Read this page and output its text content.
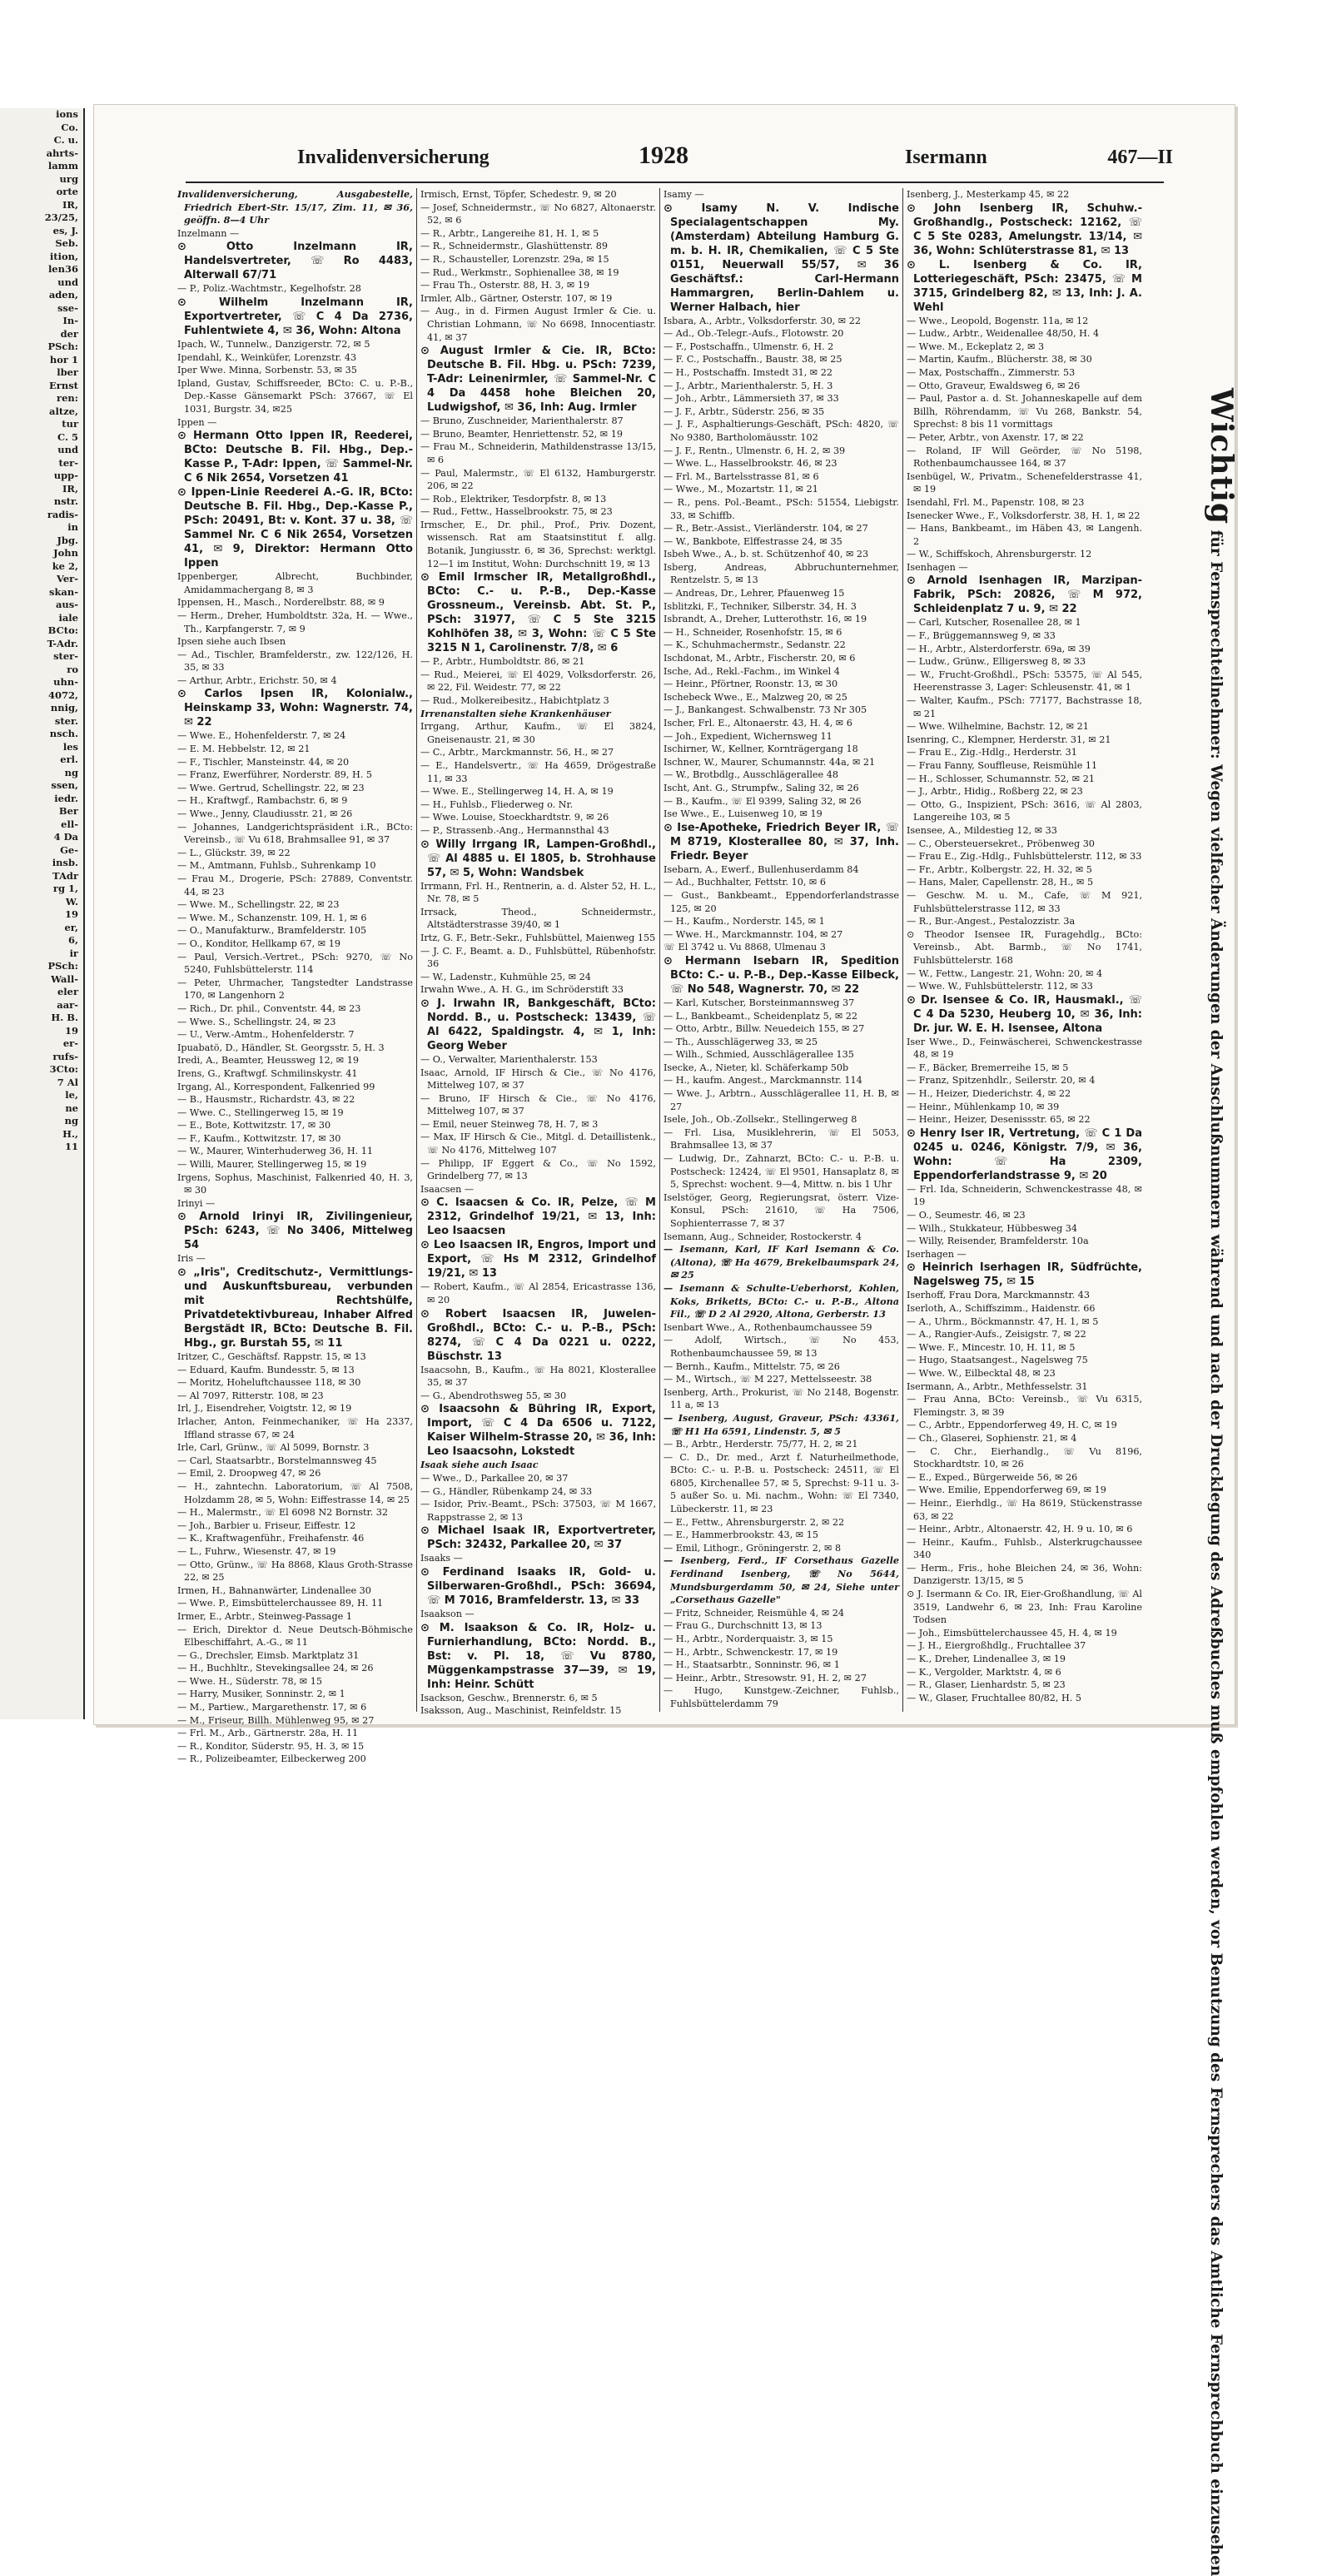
ions
Co.
C. u.
ahrts-
lamm
urg
orte
IR,
23/25,
es, J.
Seb.
ition,
len36
und
aden,
sse-
In-
der
PSch:
hor 1
lber
Ernst
ren:
altze,
tur
C. 5
und
ter-
upp-
IR,
nstr.
radis-
in
Jbg.
John
ke 2,
Ver-
skan-
aus-
iale
BCto:
T-Adr.
ster-
ro
uhn-
4072,
nnig,
ster.
nsch.
les
erl.
ng
ssen,
iedr.
Ber
ell-
4 Da
Ge-
insb.
TAdr
rg 1,
W.
19
er,
6,
ir
PSch:
Wall-
eler
aar-
H. B.
19
er-
rufs-
3Cto:
7 Al
le,
ne
ng
H.,
11
Invalidenversicherung	1928	Isermann	467—II

Invalidenversicherung, Ausgabestelle, Friedrich Ebert-Str. 15/17, Zim. 11, ✉ 36, geöffn. 8—4 Uhr

Inzelmann —

⊙ Otto Inzelmann IR, Handelsvertreter, ☏ Ro 4483, Alterwall 67/71

— P., Poliz.-Wachtmstr., Kegelhofstr. 28

⊙ Wilhelm Inzelmann IR, Exportvertreter, ☏ C 4 Da 2736, Fuhlentwiete 4, ✉ 36, Wohn: Altona

Ipach, W., Tunnelw., Danzigerstr. 72, ✉ 5

Ipendahl, K., Weinküfer, Lorenzstr. 43

Iper Wwe. Minna, Sorbenstr. 53, ✉ 35

Ipland, Gustav, Schiffsreeder, BCto: C. u. P.-B., Dep.-Kasse Gänsemarkt PSch: 37667, ☏ El 1031, Burgstr. 34, ✉25

Ippen —

⊙ Hermann Otto Ippen IR, Reederei, BCto: Deutsche B. Fil. Hbg., Dep.-Kasse P., T-Adr: Ippen, ☏ Sammel-Nr. C 6 Nik 2654, Vorsetzen 41

⊙ Ippen-Linie Reederei A.-G. IR, BCto: Deutsche B. Fil. Hbg., Dep.-Kasse P., PSch: 20491, Bt: v. Kont. 37 u. 38, ☏ Sammel Nr. C 6 Nik 2654, Vorsetzen 41, ✉ 9, Direktor: Hermann Otto Ippen

Ippenberger, Albrecht, Buchbinder, Amidammachergang 8, ✉ 3

Ippensen, H., Masch., Norderelbstr. 88, ✉ 9

— Herm., Dreher, Humboldtstr. 32a, H. — Wwe., Th., Karpfangerstr. 7, ✉ 9

Ipsen siehe auch Ibsen

— Ad., Tischler, Bramfelderstr., zw. 122/126, H. 35, ✉ 33

— Arthur, Arbtr., Erichstr. 50, ✉ 4

⊙ Carlos Ipsen IR, Kolonialw., Heinskamp 33, Wohn: Wagnerstr. 74, ✉ 22

— Wwe. E., Hohenfelderstr. 7, ✉ 24

— E. M. Hebbelstr. 12, ✉ 21

— F., Tischler, Mansteinstr. 44, ✉ 20

— Franz, Ewerführer, Norderstr. 89, H. 5

— Wwe. Gertrud, Schellingstr. 22, ✉ 23

— H., Kraftwgf., Rambachstr. 6, ✉ 9

— Wwe., Jenny, Claudiusstr. 21, ✉ 26

— Johannes, Landgerichtspräsident i.R., BCto: Vereinsb., ☏ Vu 618, Brahmsallee 91, ✉ 37

— L., Glückstr. 39, ✉ 22

— M., Amtmann, Fuhlsb., Suhrenkamp 10

— Frau M., Drogerie, PSch: 27889, Conventstr. 44, ✉ 23

— Wwe. M., Schellingstr. 22, ✉ 23

— Wwe. M., Schanzenstr. 109, H. 1, ✉ 6

— O., Manufakturw., Bramfelderstr. 105

— O., Konditor, Hellkamp 67, ✉ 19

— Paul, Versich.-Vertret., PSch: 9270, ☏ No 5240, Fuhlsbüttelerstr. 114

— Peter, Uhrmacher, Tangstedter Landstrasse 170, ✉ Langenhorn 2

— Rich., Dr. phil., Conventstr. 44, ✉ 23

— Wwe. S., Schellingstr. 24, ✉ 23

— U., Verw.-Amtm., Hohenfelderstr. 7

Ipuabatö, D., Händler, St. Georgsstr. 5, H. 3

Iredi, A., Beamter, Heussweg 12, ✉ 19

Irens, G., Kraftwgf. Schmilinskystr. 41

Irgang, Al., Korrespondent, Falkenried 99

— B., Hausmstr., Richardstr. 43, ✉ 22

— Wwe. C., Stellingerweg 15, ✉ 19

— E., Bote, Kottwitzstr. 17, ✉ 30

— F., Kaufm., Kottwitzstr. 17, ✉ 30

— W., Maurer, Winterhuderweg 36, H. 11

— Willi, Maurer, Stellingerweg 15, ✉ 19

Irgens, Sophus, Maschinist, Falkenried 40, H. 3, ✉ 30

Irinyi —

⊙ Arnold Irinyi IR, Zivilingenieur, PSch: 6243, ☏ No 3406, Mittelweg 54

Iris —

⊙ „Iris", Creditschutz-, Vermittlungs- und Auskunftsbureau, verbunden mit Rechtshülfe, Privatdetektivbureau, Inhaber Alfred Bergstädt IR, BCto: Deutsche B. Fil. Hbg., gr. Burstah 55, ✉ 11

Iritzer, C., Geschäftsf. Rappstr. 15, ✉ 13

— Eduard, Kaufm. Bundesstr. 5, ✉ 13

— Moritz, Hoheluftchaussee 118, ✉ 30

— Al 7097, Ritterstr. 108, ✉ 23

Irl, J., Eisendreher, Voigtstr. 12, ✉ 19

Irlacher, Anton, Feinmechaniker, ☏ Ha 2337, Iffland strasse 67, ✉ 24

Irle, Carl, Grünw., ☏ Al 5099, Bornstr. 3

— Carl, Staatsarbtr., Borstelmannsweg 45

— Emil, 2. Droopweg 47, ✉ 26

— H., zahntechn. Laboratorium, ☏ Al 7508, Holzdamm 28, ✉ 5, Wohn: Eiffestrasse 14, ✉ 25

— H., Malermstr., ☏ El 6098 N2 Bornstr. 32

— Joh., Barbier u. Friseur, Eiffestr. 12

— K., Kraftwagenführ., Freihafenstr. 46

— L., Fuhrw., Wiesenstr. 47, ✉ 19

— Otto, Grünw., ☏ Ha 8868, Klaus Groth-Strasse 22, ✉ 25

Irmen, H., Bahnanwärter, Lindenallee 30

— Wwe. P., Eimsbüttelerchaussee 89, H. 11

Irmer, E., Arbtr., Steinweg-Passage 1

— Erich, Direktor d. Neue Deutsch-Böhmische Elbeschiffahrt, A.-G., ✉ 11

— G., Drechsler, Eimsb. Marktplatz 31

— H., Buchhltr., Stevekingsallee 24, ✉ 26

— Wwe. H., Süderstr. 78, ✉ 15

— Harry, Musiker, Sonninstr. 2, ✉ 1

— M., Partiew., Margarethenstr. 17, ✉ 6

— M., Friseur, Billh. Mühlenweg 95, ✉ 27

— Frl. M., Arb., Gärtnerstr. 28a, H. 11

— R., Konditor, Süderstr. 95, H. 3, ✉ 15

— R., Polizeibeamter, Eilbeckerweg 200

Irmisch, Ernst, Töpfer, Schedestr. 9, ✉ 20

— Josef, Schneidermstr., ☏ No 6827, Altonaerstr. 52, ✉ 6

— R., Arbtr., Langereihe 81, H. 1, ✉ 5

— R., Schneidermstr., Glashüttenstr. 89

— R., Schausteller, Lorenzstr. 29a, ✉ 15

— Rud., Werkmstr., Sophienallee 38, ✉ 19

— Frau Th., Osterstr. 88, H. 3, ✉ 19

Irmler, Alb., Gärtner, Osterstr. 107, ✉ 19

— Aug., in d. Firmen August Irmler & Cie. u. Christian Lohmann, ☏ No 6698, Innocentiastr. 41, ✉ 37

⊙ August Irmler & Cie. IR, BCto: Deutsche B. Fil. Hbg. u. PSch: 7239, T-Adr: Leinenirmler, ☏ Sammel-Nr. C 4 Da 4458 hohe Bleichen 20, Ludwigshof, ✉ 36, Inh: Aug. Irmler

— Bruno, Zuschneider, Marienthalerstr. 87

— Bruno, Beamter, Henriettenstr. 52, ✉ 19

— Frau M., Schneiderin, Mathildenstrasse 13/15, ✉ 6

— Paul, Malermstr., ☏ El 6132, Hamburgerstr. 206, ✉ 22

— Rob., Elektriker, Tesdorpfstr. 8, ✉ 13

— Rud., Fettw., Hasselbrookstr. 75, ✉ 23

Irmscher, E., Dr. phil., Prof., Priv. Dozent, wissensch. Rat am Staatsinstitut f. allg. Botanik, Jungiusstr. 6, ✉ 36, Sprechst: werktgl. 12—1 im Institut, Wohn: Durchschnitt 19, ✉ 13

⊙ Emil Irmscher IR, Metallgroßhdl., BCto: C.- u. P.-B., Dep.-Kasse Grossneum., Vereinsb. Abt. St. P., PSch: 31977, ☏ C 5 Ste 3215 Kohlhöfen 38, ✉ 3, Wohn: ☏ C 5 Ste 3215 N 1, Carolinenstr. 7/8, ✉ 6

— P., Arbtr., Humboldtstr. 86, ✉ 21

— Rud., Meierei, ☏ El 4029, Volksdorferstr. 26, ✉ 22, Fil. Weidestr. 77, ✉ 22

— Rud., Molkereibesitz., Habichtplatz 3

Irrenanstalten siehe Krankenhäuser

Irrgang, Arthur, Kaufm., ☏ El 3824, Gneisenaustr. 21, ✉ 30

— C., Arbtr., Marckmannstr. 56, H., ✉ 27

— E., Handelsvertr., ☏ Ha 4659, Drögestraße 11, ✉ 33

— Wwe. E., Stellingerweg 14, H. A, ✉ 19

— H., Fuhlsb., Fliederweg o. Nr.

— Wwe. Louise, Stoeckhardtstr. 9, ✉ 26

— P., Strassenb.-Ang., Hermannsthal 43

⊙ Willy Irrgang IR, Lampen-Großhdl., ☏ Al 4885 u. El 1805, b. Strohhause 57, ✉ 5, Wohn: Wandsbek

Irrmann, Frl. H., Rentnerin, a. d. Alster 52, H. L., Nr. 78, ✉ 5

Irrsack, Theod., Schneidermstr., Altstädterstrasse 39/40, ✉ 1

Irtz, G. F., Betr.-Sekr., Fuhlsbüttel, Maienweg 155

— J. C. F., Beamt. a. D., Fuhlsbüttel, Rübenhofstr. 36

— W., Ladenstr., Kuhmühle 25, ✉ 24

Irwahn Wwe., A. H. G., im Schröderstift 33

⊙ J. Irwahn IR, Bankgeschäft, BCto: Nordd. B., u. Postscheck: 13439, ☏ Al 6422, Spaldingstr. 4, ✉ 1, Inh: Georg Weber

— O., Verwalter, Marienthalerstr. 153

Isaac, Arnold, IF Hirsch & Cie., ☏ No 4176, Mittelweg 107, ✉ 37

— Bruno, IF Hirsch & Cie., ☏ No 4176, Mittelweg 107, ✉ 37

— Emil, neuer Steinweg 78, H. 7, ✉ 3

— Max, IF Hirsch & Cie., Mitgl. d. Detaillistenk., ☏ No 4176, Mittelweg 107

— Philipp, IF Eggert & Co., ☏ No 1592, Grindelberg 77, ✉ 13

Isaacsen —

⊙ C. Isaacsen & Co. IR, Pelze, ☏ M 2312, Grindelhof 19/21, ✉ 13, Inh: Leo Isaacsen

⊙ Leo Isaacsen IR, Engros, Import und Export, ☏ Hs M 2312, Grindelhof 19/21, ✉ 13

— Robert, Kaufm., ☏ Al 2854, Ericastrasse 136, ✉ 20

⊙ Robert Isaacsen IR, Juwelen-Großhdl., BCto: C.- u. P.-B., PSch: 8274, ☏ C 4 Da 0221 u. 0222, Büschstr. 13

Isaacsohn, B., Kaufm., ☏ Ha 8021, Klosterallee 35, ✉ 37

— G., Abendrothsweg 55, ✉ 30

⊙ Isaacsohn & Bühring IR, Export, Import, ☏ C 4 Da 6506 u. 7122, Kaiser Wilhelm-Strasse 20, ✉ 36, Inh: Leo Isaacsohn, Lokstedt

Isaak siehe auch Isaac

— Wwe., D., Parkallee 20, ✉ 37

— G., Händler, Rübenkamp 24, ✉ 33

— Isidor, Priv.-Beamt., PSch: 37503, ☏ M 1667, Rappstrasse 2, ✉ 13

⊙ Michael Isaak IR, Exportvertreter, PSch: 32432, Parkallee 20, ✉ 37

Isaaks —

⊙ Ferdinand Isaaks IR, Gold- u. Silberwaren-Großhdl., PSch: 36694, ☏ M 7016, Bramfelderstr. 13, ✉ 33

Isaakson —

⊙ M. Isaakson & Co. IR, Holz- u. Furnierhandlung, BCto: Nordd. B., Bst: v. Pl. 18, ☏ Vu 8780, Müggenkampstrasse 37—39, ✉ 19, Inh: Heinr. Schütt

Isackson, Geschw., Brennerstr. 6, ✉ 5

Isaksson, Aug., Maschinist, Reinfeldstr. 15

Isamy —

⊙ Isamy N. V. Indische Specialagentschappen My. (Amsterdam) Abteilung Hamburg G. m. b. H. IR, Chemikalien, ☏ C 5 Ste 0151, Neuerwall 55/57, ✉ 36 Geschäftsf.: Carl-Hermann Hammargren, Berlin-Dahlem u. Werner Halbach, hier

Isbara, A., Arbtr., Volksdorferstr. 30, ✉ 22

— Ad., Ob.-Telegr.-Aufs., Flotowstr. 20

— F., Postschaffn., Ulmenstr. 6, H. 2

— F. C., Postschaffn., Baustr. 38, ✉ 25

— H., Postschaffn. Imstedt 31, ✉ 22

— J., Arbtr., Marienthalerstr. 5, H. 3

— Joh., Arbtr., Lämmersieth 37, ✉ 33

— J. F., Arbtr., Süderstr. 256, ✉ 35

— J. F., Asphaltierungs-Geschäft, PSch: 4820, ☏ No 9380, Bartholomäusstr. 102

— J. F., Rentn., Ulmenstr. 6, H. 2, ✉ 39

— Wwe. L., Hasselbrookstr. 46, ✉ 23

— Frl. M., Bartelsstrasse 81, ✉ 6

— Wwe., M., Mozartstr. 11, ✉ 21

— R., pens. Pol.-Beamt., PSch: 51554, Liebigstr. 33, ✉ Schiffb.

— R., Betr.-Assist., Vierländerstr. 104, ✉ 27

— W., Bankbote, Elffestrasse 24, ✉ 35

Isbeh Wwe., A., b. st. Schützenhof 40, ✉ 23

Isberg, Andreas, Abbruchunternehmer, Rentzelstr. 5, ✉ 13

— Andreas, Dr., Lehrer, Pfauenweg 15

Isblitzki, F., Techniker, Silberstr. 34, H. 3

Isbrandt, A., Dreher, Lutterothstr. 16, ✉ 19

— H., Schneider, Rosenhofstr. 15, ✉ 6

— K., Schuhmachermstr., Sedanstr. 22

Ischdonat, M., Arbtr., Fischerstr. 20, ✉ 6

Ische, Ad., Rekl.-Fachm., im Winkel 4

— Heinr., Pförtner, Roonstr. 13, ✉ 30

Ischebeck Wwe., E., Malzweg 20, ✉ 25

— J., Bankangest. Schwalbenstr. 73 Nr 305

Ischer, Frl. E., Altonaerstr. 43, H. 4, ✉ 6

— Joh., Expedient, Wichernsweg 11

Ischirner, W., Kellner, Kornträgergang 18

Ischner, W., Maurer, Schumannstr. 44a, ✉ 21

— W., Brotbdlg., Ausschlägerallee 48

Ischt, Ant. G., Strumpfw., Saling 32, ✉ 26

— B., Kaufm., ☏ El 9399, Saling 32, ✉ 26

Ise Wwe., E., Luisenweg 10, ✉ 19

⊙ Ise-Apotheke, Friedrich Beyer IR, ☏ M 8719, Klosterallee 80, ✉ 37, Inh. Friedr. Beyer

Isebarn, A., Ewerf., Bullenhuserdamm 84

— Ad., Buchhalter, Fettstr. 10, ✉ 6

— Gust., Bankbeamt., Eppendorferlandstrasse 125, ✉ 20

— H., Kaufm., Norderstr. 145, ✉ 1

— Wwe. H., Marckmannstr. 104, ✉ 27

☏ El 3742 u. Vu 8868, Ulmenau 3

⊙ Hermann Isebarn IR, Spedition BCto: C.- u. P.-B., Dep.-Kasse Eilbeck, ☏ No 548, Wagnerstr. 70, ✉ 22

— Karl, Kutscher, Borsteinmannsweg 37

— L., Bankbeamt., Scheidenplatz 5, ✉ 22

— Otto, Arbtr., Billw. Neuedeich 155, ✉ 27

— Th., Ausschlägerweg 33, ✉ 25

— Wilh., Schmied, Ausschlägerallee 135

Isecke, A., Nieter, kl. Schäferkamp 50b

— H., kaufm. Angest., Marckmannstr. 114

— Wwe. J., Arbtrn., Ausschlägerallee 11, H. B, ✉ 27

Isele, Joh., Ob.-Zollsekr., Stellingerweg 8

— Frl. Lisa, Musiklehrerin, ☏ El 5053, Brahmsallee 13, ✉ 37

— Ludwig, Dr., Zahnarzt, BCto: C.- u. P.-B. u. Postscheck: 12424, ☏ El 9501, Hansaplatz 8, ✉ 5, Sprechst: wochent. 9—4, Mittw. n. bis 1 Uhr

Iselstöger, Georg, Regierungsrat, österr. Vize-Konsul, PSch: 21610, ☏ Ha 7506, Sophienterrasse 7, ✉ 37

Isemann, Aug., Schneider, Rostockerstr. 4

— Isemann, Karl, IF Karl Isemann & Co. (Altona), ☏ Ha 4679, Brekelbaumspark 24, ✉ 25

— Isemann & Schulte-Ueberhorst, Kohlen, Koks, Briketts, BCto: C.- u. P.-B., Altona Fil., ☏ D 2 Al 2920, Altona, Gerberstr. 13

Isenbart Wwe., A., Rothenbaumchaussee 59

— Adolf, Wirtsch., ☏ No 453, Rothenbaumchaussee 59, ✉ 13

— Bernh., Kaufm., Mittelstr. 75, ✉ 26

— M., Wirtsch., ☏ M 227, Mettelsseestr. 38

Isenberg, Arth., Prokurist, ☏ No 2148, Bogenstr. 11 a, ✉ 13

— Isenberg, August, Graveur, PSch: 43361, ☏ H1 Ha 6591, Lindenstr. 5, ✉ 5

— B., Arbtr., Herderstr. 75/77, H. 2, ✉ 21

— C. D., Dr. med., Arzt f. Naturheilmethode, BCto: C.- u. P.-B. u. Postscheck: 24511, ☏ El 6805, Kirchenallee 57, ✉ 5, Sprechst: 9-11 u. 3-5 außer So. u. Mi. nachm., Wohn: ☏ El 7340, Lübeckerstr. 11, ✉ 23

— E., Fettw., Ahrensburgerstr. 2, ✉ 22

— E., Hammerbrookstr. 43, ✉ 15

— Emil, Lithogr., Gröningerstr. 2, ✉ 8

— Isenberg, Ferd., IF Corsethaus Gazelle Ferdinand Isenberg, ☏ No 5644, Mundsburgerdamm 50, ✉ 24, Siehe unter „Corsethaus Gazelle"

— Fritz, Schneider, Reismühle 4, ✉ 24

— Frau G., Durchschnitt 13, ✉ 13

— H., Arbtr., Norderquaistr. 3, ✉ 15

— H., Arbtr., Schwenckestr. 17, ✉ 19

— H., Staatsarbtr., Sonninstr. 96, ✉ 1

— Heinr., Arbtr., Stresowstr. 91, H. 2, ✉ 27

— Hugo, Kunstgew.-Zeichner, Fuhlsb., Fuhlsbüttelerdamm 79

Isenberg, J., Mesterkamp 45, ✉ 22

⊙ John Isenberg IR, Schuhw.-Großhandlg., Postscheck: 12162, ☏ C 5 Ste 0283, Amelungstr. 13/14, ✉ 36, Wohn: Schlüterstrasse 81, ✉ 13

⊙ L. Isenberg & Co. IR, Lotteriegeschäft, PSch: 23475, ☏ M 3715, Grindelberg 82, ✉ 13, Inh: J. A. Wehl

— Wwe., Leopold, Bogenstr. 11a, ✉ 12

— Ludw., Arbtr., Weidenallee 48/50, H. 4

— Wwe. M., Eckeplatz 2, ✉ 3

— Martin, Kaufm., Blücherstr. 38, ✉ 30

— Max, Postschaffn., Zimmerstr. 53

— Otto, Graveur, Ewaldsweg 6, ✉ 26

— Paul, Pastor a. d. St. Johanneskapelle auf dem Billh, Röhrendamm, ☏ Vu 268, Bankstr. 54, Sprechst: 8 bis 11 vormittags

— Peter, Arbtr., von Axenstr. 17, ✉ 22

— Roland, IF Will Geörder, ☏ No 5198, Rothenbaumchaussee 164, ✉ 37

Isenbügel, W., Privatm., Schenefelderstrasse 41, ✉ 19

Isendahl, Frl. M., Papenstr. 108, ✉ 23

Isenecker Wwe., F., Volksdorferstr. 38, H. 1, ✉ 22

— Hans, Bankbeamt., im Häben 43, ✉ Langenh. 2

— W., Schiffskoch, Ahrensburgerstr. 12

Isenhagen —

⊙ Arnold Isenhagen IR, Marzipan-Fabrik, PSch: 20826, ☏ M 972, Schleidenplatz 7 u. 9, ✉ 22

— Carl, Kutscher, Rosenallee 28, ✉ 1

— F., Brüggemannsweg 9, ✉ 33

— H., Arbtr., Alsterdorferstr. 69a, ✉ 39

— Ludw., Grünw., Elligersweg 8, ✉ 33

— W., Frucht-Großhdl., PSch: 53575, ☏ Al 545, Heerenstrasse 3, Lager: Schleusenstr. 41, ✉ 1

— Walter, Kaufm., PSch: 77177, Bachstrasse 18, ✉ 21

— Wwe. Wilhelmine, Bachstr. 12, ✉ 21

Isenring, C., Klempner, Herderstr. 31, ✉ 21

— Frau E., Zig.-Hdlg., Herderstr. 31

— Frau Fanny, Souffleuse, Reismühle 11

— H., Schlosser, Schumannstr. 52, ✉ 21

— J., Arbtr., Hidig., Roßberg 22, ✉ 23

— Otto, G., Inspizient, PSch: 3616, ☏ Al 2803, Langereihe 103, ✉ 5

Isensee, A., Mildestieg 12, ✉ 33

— C., Obersteuersekret., Pröbenweg 30

— Frau E., Zig.-Hdlg., Fuhlsbüttelerstr. 112, ✉ 33

— Fr., Arbtr., Kolbergstr. 22, H. 32, ✉ 5

— Hans, Maler, Capellenstr. 28, H., ✉ 5

— Geschw. M. u. M., Cafe, ☏ M 921, Fuhlsbüttelerstrasse 112, ✉ 33

— R., Bur.-Angest., Pestalozzistr. 3a

⊙ Theodor Isensee IR, Furagehdlg., BCto: Vereinsb., Abt. Barmb., ☏ No 1741, Fuhlsbüttelerstr. 168

— W., Fettw., Langestr. 21, Wohn: 20, ✉ 4

— Wwe. W., Fuhlsbüttelerstr. 112, ✉ 33

⊙ Dr. Isensee & Co. IR, Hausmakl., ☏ C 4 Da 5230, Heuberg 10, ✉ 36, Inh: Dr. jur. W. E. H. Isensee, Altona

Iser Wwe., D., Feinwäscherei, Schwenckestrasse 48, ✉ 19

— F., Bäcker, Bremerreihe 15, ✉ 5

— Franz, Spitzenhdlr., Seilerstr. 20, ✉ 4

— H., Heizer, Diederichstr. 4, ✉ 22

— Heinr., Mühlenkamp 10, ✉ 39

— Heinr., Heizer, Desenissstr. 65, ✉ 22

⊙ Henry Iser IR, Vertretung, ☏ C 1 Da 0245 u. 0246, Königstr. 7/9, ✉ 36, Wohn: ☏ Ha 2309, Eppendorferlandstrasse 9, ✉ 20

— Frl. Ida, Schneiderin, Schwenckestrasse 48, ✉ 19

— O., Seumestr. 46, ✉ 23

— Wilh., Stukkateur, Hübbesweg 34

— Willy, Reisender, Bramfelderstr. 10a

Iserhagen —

⊙ Heinrich Iserhagen IR, Südfrüchte, Nagelsweg 75, ✉ 15

Iserhoff, Frau Dora, Marckmannstr. 43

Iserloth, A., Schiffszimm., Haidenstr. 66

— A., Uhrm., Böckmannstr. 47, H. 1, ✉ 5

— A., Rangier-Aufs., Zeisigstr. 7, ✉ 22

— Wwe. F., Mincestr. 10, H. 11, ✉ 5

— Hugo, Staatsangest., Nagelsweg 75

— Wwe. W., Eilbecktal 48, ✉ 23

Isermann, A., Arbtr., Methfesselstr. 31

— Frau Anna, BCto: Vereinsb., ☏ Vu 6315, Flemingstr. 3, ✉ 39

— C., Arbtr., Eppendorferweg 49, H. C, ✉ 19

— Ch., Glaserei, Sophienstr. 21, ✉ 4

— C. Chr., Eierhandlg., ☏ Vu 8196, Stockhardtstr. 10, ✉ 26

— E., Exped., Bürgerweide 56, ✉ 26

— Wwe. Emilie, Eppendorferweg 69, ✉ 19

— Heinr., Eierhdlg., ☏ Ha 8619, Stückenstrasse 63, ✉ 22

— Heinr., Arbtr., Altonaerstr. 42, H. 9 u. 10, ✉ 6

— Heinr., Kaufm., Fuhlsb., Alsterkrugchaussee 340

— Herm., Fris., hohe Bleichen 24, ✉ 36, Wohn: Danzigerstr. 13/15, ✉ 5

⊙ J. Isermann & Co. IR, Eier-Großhandlung, ☏ Al 3519, Landwehr 6, ✉ 23, Inh: Frau Karoline Todsen

— Joh., Eimsbüttelerchaussee 45, H. 4, ✉ 19

— J. H., Eiergroßhdlg., Fruchtallee 37

— K., Dreher, Lindenallee 3, ✉ 19

— K., Vergolder, Marktstr. 4, ✉ 6

— R., Glaser, Lienhardstr. 5, ✉ 23

— W., Glaser, Fruchtallee 80/82, H. 5

Wichtig für Fernsprechteilnehmer: Wegen vielfacher Änderungen der Anschlußnummern während und nach der Drucklegung des Adreßbuches muß empfohlen werden, vor Benutzung des Fernsprechers das Amtliche Fernsprechbuch einzusehen
